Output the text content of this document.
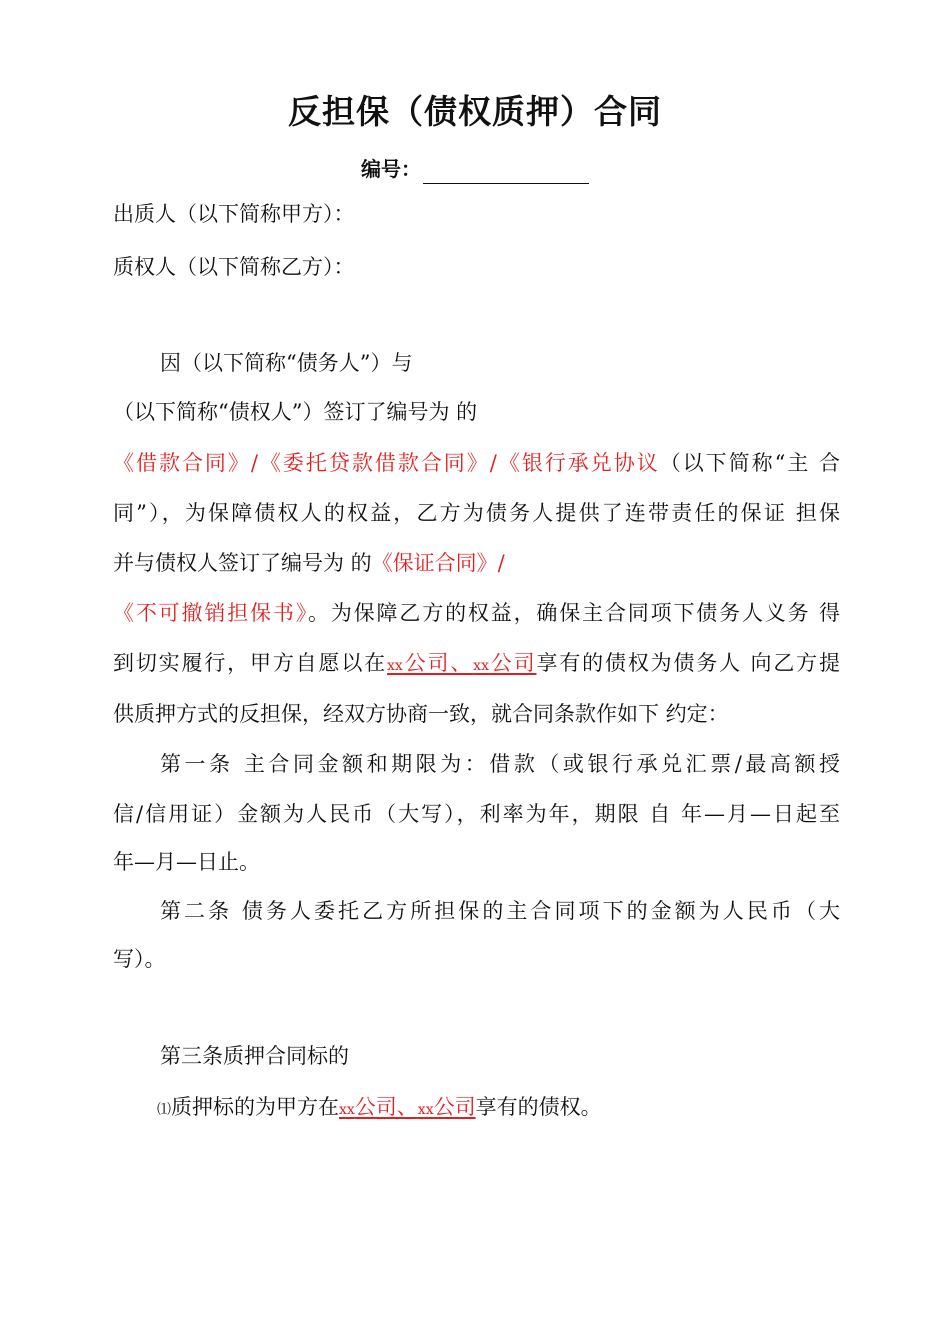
反担保（债权质押）合同
编号：

出质人（以下简称甲方）：

质权人（以下简称乙方）：

因（以下简称“债务人”）与

（以下简称“债权人”）签订了编号为 的

《借款合同》/《委托贷款借款合同》/《银行承兑协议（以下简称“主 合

同”），为保障债权人的权益，乙方为债务人提供了连带责任的保证 担保

并与债权人签订了编号为 的《保证合同》/

《不可撤销担保书》。为保障乙方的权益，确保主合同项下债务人义务 得

到切实履行，甲方自愿以在xx公司、xx公司享有的债权为债务人 向乙方提

供质押方式的反担保，经双方协商一致，就合同条款作如下 约定：

第一条 主合同金额和期限为：借款（或银行承兑汇票/最高额授

信/信用证）金额为人民币（大写），利率为年，期限 自 年—月—日起至

年—月—日止。

第二条 债务人委托乙方所担保的主合同项下的金额为人民币（大

写）。

第三条质押合同标的

⑴质押标的为甲方在xx公司、xx公司享有的债权。
